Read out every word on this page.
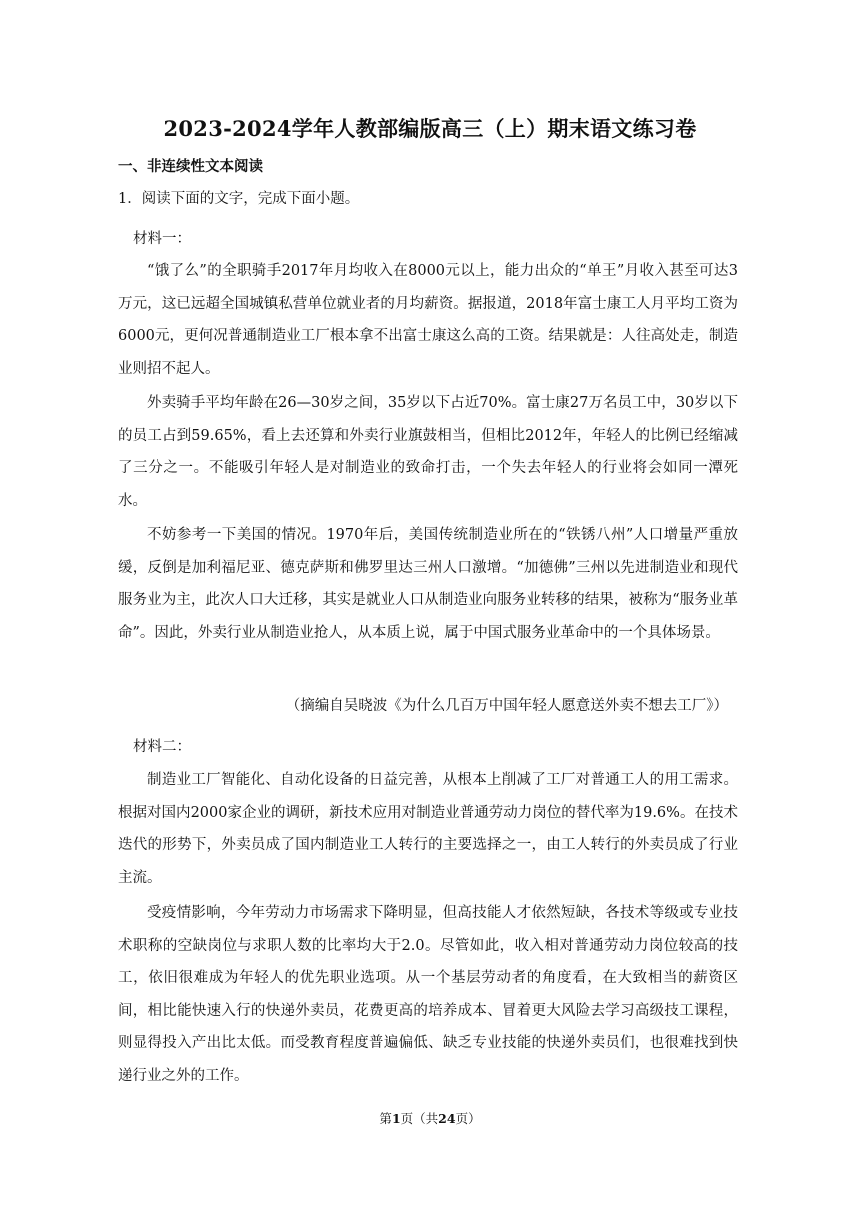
2023-2024学年人教部编版高三（上）期末语文练习卷
一、非连续性文本阅读
1．阅读下面的文字，完成下面小题。
材料一：

“饿了么”的全职骑手2017年月均收入在8000元以上，能力出众的“单王”月收入甚至可达3万元，这已远超全国城镇私营单位就业者的月均薪资。据报道，2018年富士康工人月平均工资为6000元，更何况普通制造业工厂根本拿不出富士康这么高的工资。结果就是：人往高处走，制造业则招不起人。

外卖骑手平均年龄在26—30岁之间，35岁以下占近70%。富士康27万名员工中，30岁以下的员工占到59.65%，看上去还算和外卖行业旗鼓相当，但相比2012年，年轻人的比例已经缩减了三分之一。不能吸引年轻人是对制造业的致命打击，一个失去年轻人的行业将会如同一潭死水。

不妨参考一下美国的情况。1970年后，美国传统制造业所在的“铁锈八州”人口增量严重放缓，反倒是加利福尼亚、德克萨斯和佛罗里达三州人口激增。“加德佛”三州以先进制造业和现代服务业为主，此次人口大迁移，其实是就业人口从制造业向服务业转移的结果，被称为“服务业革命”。因此，外卖行业从制造业抢人，从本质上说，属于中国式服务业革命中的一个具体场景。

（摘编自吴晓波《为什么几百万中国年轻人愿意送外卖不想去工厂》）
材料二：

制造业工厂智能化、自动化设备的日益完善，从根本上削减了工厂对普通工人的用工需求。根据对国内2000家企业的调研，新技术应用对制造业普通劳动力岗位的替代率为19.6%。在技术迭代的形势下，外卖员成了国内制造业工人转行的主要选择之一，由工人转行的外卖员成了行业主流。

受疫情影响，今年劳动力市场需求下降明显，但高技能人才依然短缺，各技术等级或专业技术职称的空缺岗位与求职人数的比率均大于2.0。尽管如此，收入相对普通劳动力岗位较高的技工，依旧很难成为年轻人的优先职业选项。从一个基层劳动者的角度看，在大致相当的薪资区间，相比能快速入行的快递外卖员，花费更高的培养成本、冒着更大风险去学习高级技工课程，则显得投入产出比太低。而受教育程度普遍偏低、缺乏专业技能的快递外卖员们，也很难找到快递行业之外的工作。

第1页（共24页）
